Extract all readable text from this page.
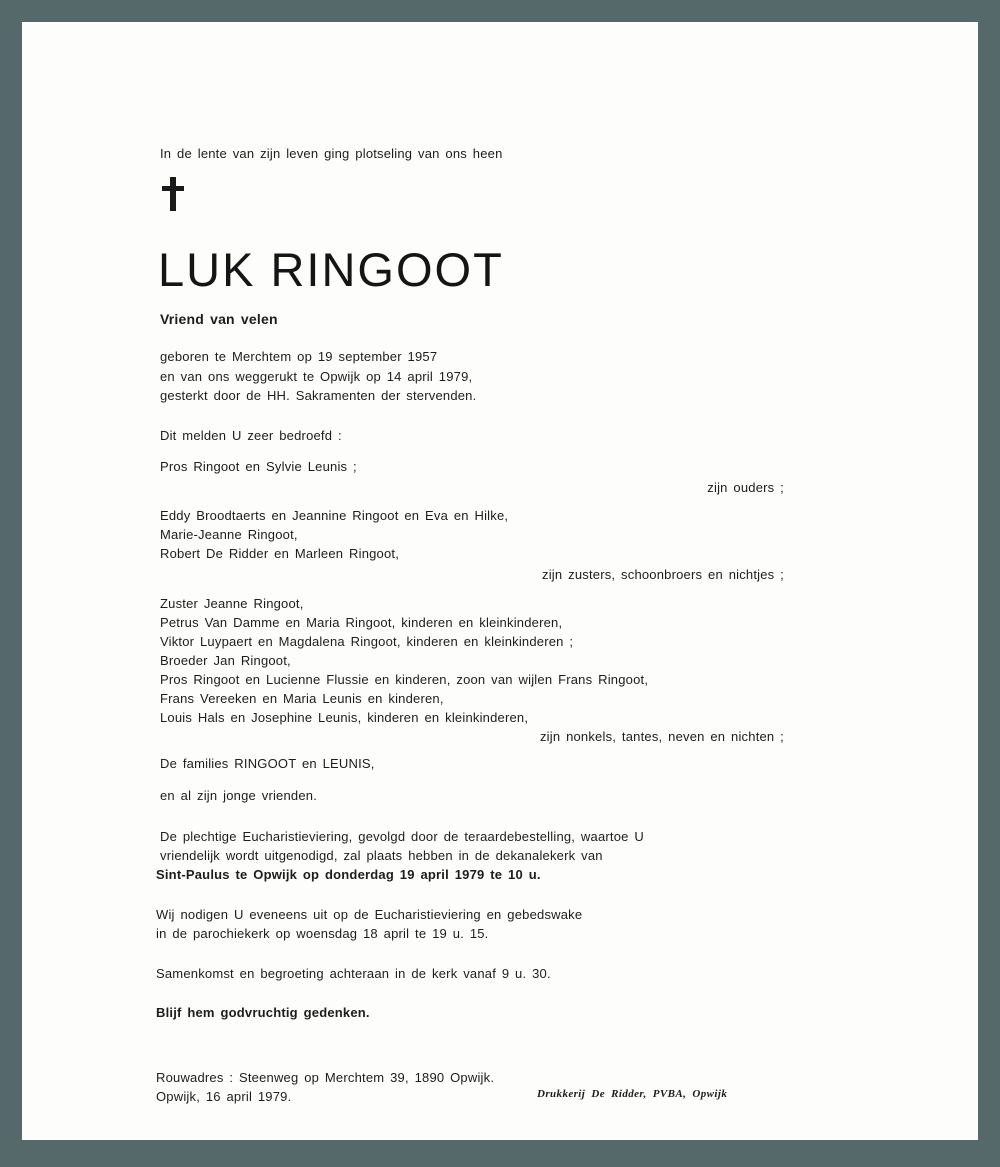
In de lente van zijn leven ging plotseling van ons heen
LUK RINGOOT
Vriend van velen
geboren te Merchtem op 19 september 1957
en van ons weggerukt te Opwijk op 14 april 1979,
gesterkt door de HH. Sakramenten der stervenden.
Dit melden U zeer bedroefd :
Pros Ringoot en Sylvie Leunis ;
zijn ouders ;
Eddy Broodtaerts en Jeannine Ringoot en Eva en Hilke,
Marie-Jeanne Ringoot,
Robert De Ridder en Marleen Ringoot,
zijn zusters, schoonbroers en nichtjes ;
Zuster Jeanne Ringoot,
Petrus Van Damme en Maria Ringoot, kinderen en kleinkinderen,
Viktor Luypaert en Magdalena Ringoot, kinderen en kleinkinderen ;
Broeder Jan Ringoot,
Pros Ringoot en Lucienne Flussie en kinderen, zoon van wijlen Frans Ringoot,
Frans Vereeken en Maria Leunis en kinderen,
Louis Hals en Josephine Leunis, kinderen en kleinkinderen,
zijn nonkels, tantes, neven en nichten ;
De families RINGOOT en LEUNIS,
en al zijn jonge vrienden.
De plechtige Eucharistieviering, gevolgd door de teraardebestelling, waartoe U
vriendelijk wordt uitgenodigd, zal plaats hebben in de dekanalekerk van
Sint-Paulus te Opwijk op donderdag 19 april 1979 te 10 u.
Wij nodigen U eveneens uit op de Eucharistieviering en gebedswake
in de parochiekerk op woensdag 18 april te 19 u. 15.
Samenkomst en begroeting achteraan in de kerk vanaf 9 u. 30.
Blijf hem godvruchtig gedenken.
Rouwadres : Steenweg op Merchtem 39, 1890 Opwijk.
Opwijk, 16 april 1979.	Drukkerij De Ridder, PVBA, Opwijk
